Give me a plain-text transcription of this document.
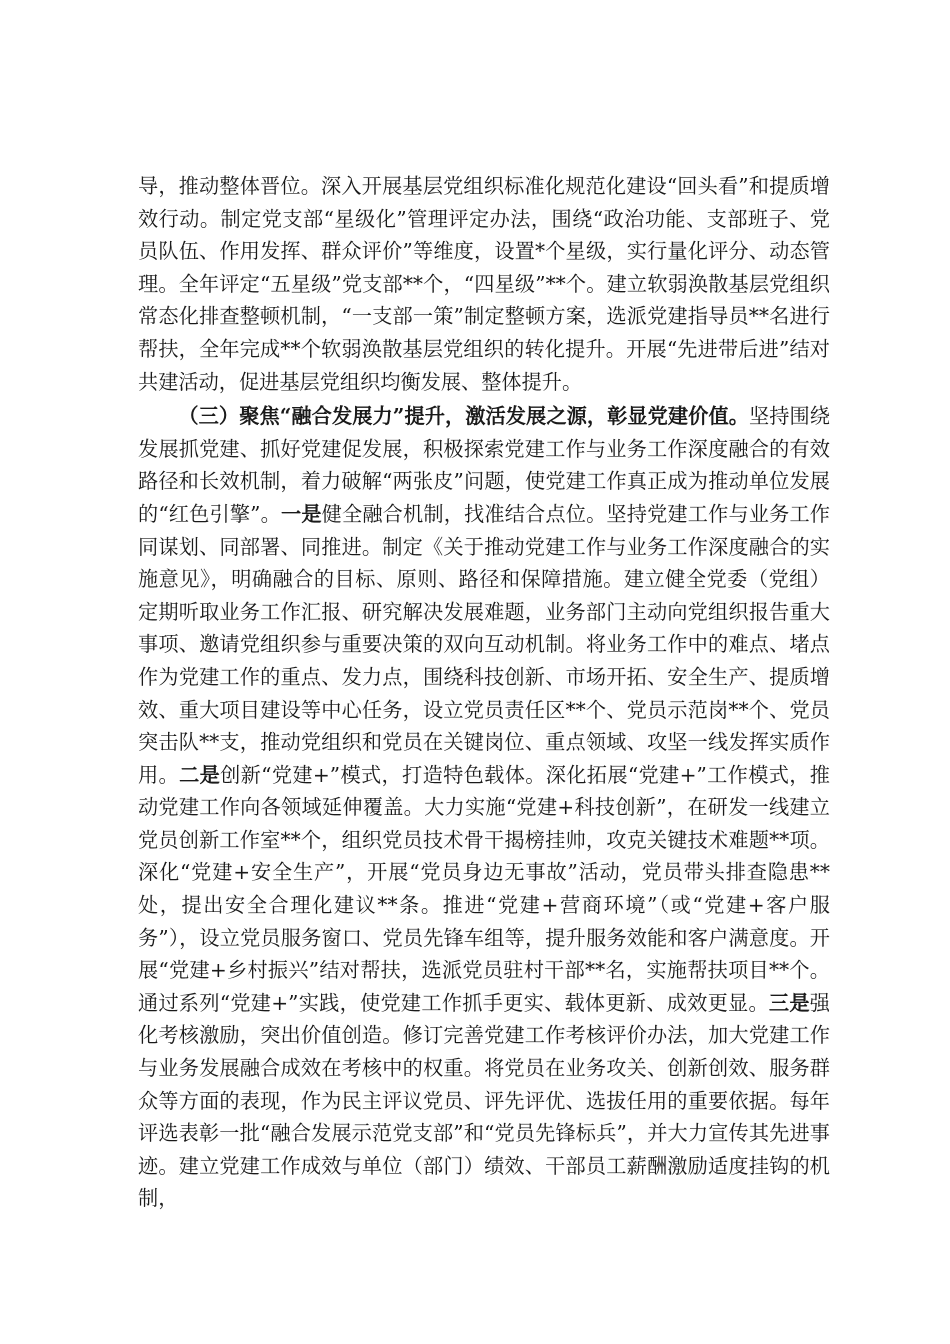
导，推动整体晋位。深入开展基层党组织标准化规范化建设“回头看”和提质增效行动。制定党支部“星级化”管理评定办法，围绕“政治功能、支部班子、党员队伍、作用发挥、群众评价”等维度，设置*个星级，实行量化评分、动态管理。全年评定“五星级”党支部**个，“四星级”**个。建立软弱涣散基层党组织常态化排查整顿机制，“一支部一策”制定整顿方案，选派党建指导员**名进行帮扶，全年完成**个软弱涣散基层党组织的转化提升。开展“先进带后进”结对共建活动，促进基层党组织均衡发展、整体提升。

（三）聚焦“融合发展力”提升，激活发展之源，彰显党建价值。坚持围绕发展抓党建、抓好党建促发展，积极探索党建工作与业务工作深度融合的有效路径和长效机制，着力破解“两张皮”问题，使党建工作真正成为推动单位发展的“红色引擎”。一是健全融合机制，找准结合点位。坚持党建工作与业务工作同谋划、同部署、同推进。制定《关于推动党建工作与业务工作深度融合的实施意见》，明确融合的目标、原则、路径和保障措施。建立健全党委（党组）定期听取业务工作汇报、研究解决发展难题，业务部门主动向党组织报告重大事项、邀请党组织参与重要决策的双向互动机制。将业务工作中的难点、堵点作为党建工作的重点、发力点，围绕科技创新、市场开拓、安全生产、提质增效、重大项目建设等中心任务，设立党员责任区**个、党员示范岗**个、党员突击队**支，推动党组织和党员在关键岗位、重点领域、攻坚一线发挥实质作用。二是创新“党建+”模式，打造特色载体。深化拓展“党建+”工作模式，推动党建工作向各领域延伸覆盖。大力实施“党建+科技创新”，在研发一线建立党员创新工作室**个，组织党员技术骨干揭榜挂帅，攻克关键技术难题**项。深化“党建+安全生产”，开展“党员身边无事故”活动，党员带头排查隐患**处，提出安全合理化建议**条。推进“党建+营商环境”（或“党建+客户服务”），设立党员服务窗口、党员先锋车组等，提升服务效能和客户满意度。开展“党建+乡村振兴”结对帮扶，选派党员驻村干部**名，实施帮扶项目**个。通过系列“党建+”实践，使党建工作抓手更实、载体更新、成效更显。三是强化考核激励，突出价值创造。修订完善党建工作考核评价办法，加大党建工作与业务发展融合成效在考核中的权重。将党员在业务攻关、创新创效、服务群众等方面的表现，作为民主评议党员、评先评优、选拔任用的重要依据。每年评选表彰一批“融合发展示范党支部”和“党员先锋标兵”，并大力宣传其先进事迹。建立党建工作成效与单位（部门）绩效、干部员工薪酬激励适度挂钩的机制，
